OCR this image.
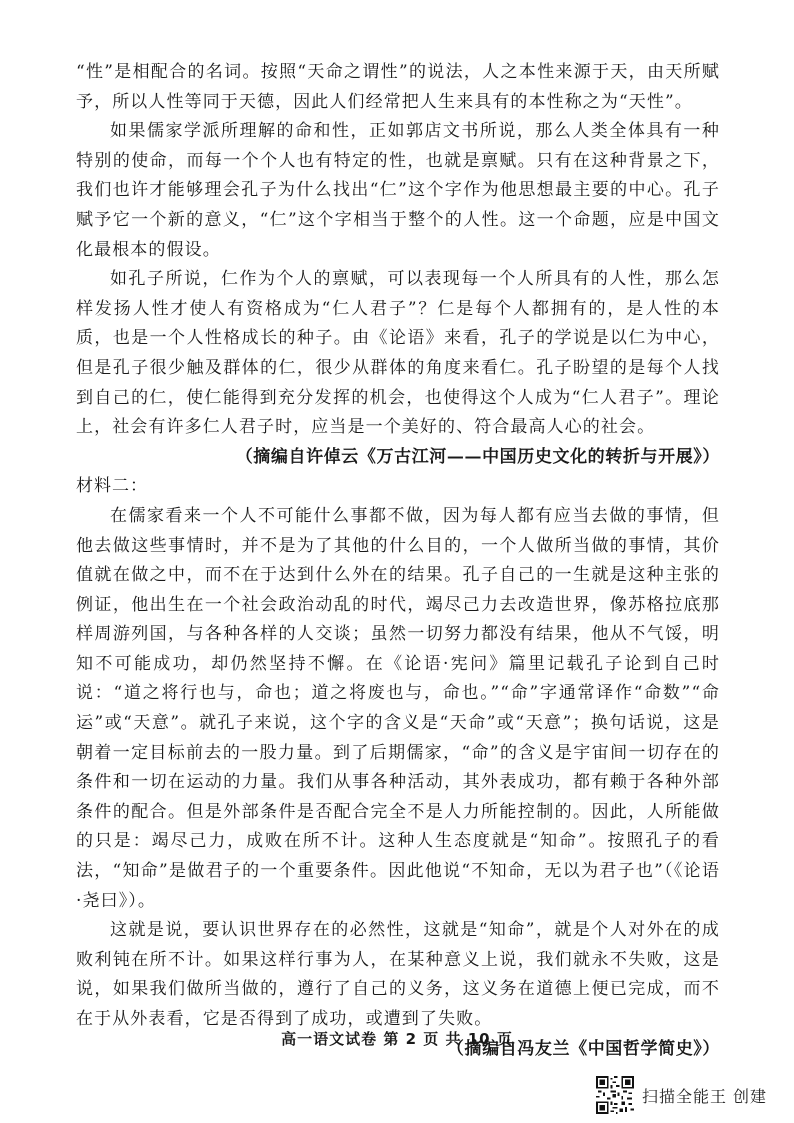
“性”是相配合的名词。按照“天命之谓性”的说法，人之本性来源于天，由天所赋予，所以人性等同于天德，因此人们经常把人生来具有的本性称之为“天性”。

如果儒家学派所理解的命和性，正如郭店文书所说，那么人类全体具有一种特别的使命，而每一个个人也有特定的性，也就是禀赋。只有在这种背景之下，我们也许才能够理会孔子为什么找出“仁”这个字作为他思想最主要的中心。孔子赋予它一个新的意义，“仁”这个字相当于整个的人性。这一个命题，应是中国文化最根本的假设。

如孔子所说，仁作为个人的禀赋，可以表现每一个人所具有的人性，那么怎样发扬人性才使人有资格成为“仁人君子”？仁是每个人都拥有的，是人性的本质，也是一个人性格成长的种子。由《论语》来看，孔子的学说是以仁为中心，但是孔子很少触及群体的仁，很少从群体的角度来看仁。孔子盼望的是每个人找到自己的仁，使仁能得到充分发挥的机会，也使得这个人成为“仁人君子”。理论上，社会有许多仁人君子时，应当是一个美好的、符合最高人心的社会。

（摘编自许倬云《万古江河——中国历史文化的转折与开展》）

材料二：

在儒家看来一个人不可能什么事都不做，因为每人都有应当去做的事情，但他去做这些事情时，并不是为了其他的什么目的，一个人做所当做的事情，其价值就在做之中，而不在于达到什么外在的结果。孔子自己的一生就是这种主张的例证，他出生在一个社会政治动乱的时代，竭尽己力去改造世界，像苏格拉底那样周游列国，与各种各样的人交谈；虽然一切努力都没有结果，他从不气馁，明知不可能成功，却仍然坚持不懈。在《论语·宪问》篇里记载孔子论到自己时说：“道之将行也与，命也；道之将废也与，命也。”“命”字通常译作“命数”“命运”或“天意”。就孔子来说，这个字的含义是“天命”或“天意”；换句话说，这是朝着一定目标前去的一股力量。到了后期儒家，“命”的含义是宇宙间一切存在的条件和一切在运动的力量。我们从事各种活动，其外表成功，都有赖于各种外部条件的配合。但是外部条件是否配合完全不是人力所能控制的。因此，人所能做的只是：竭尽己力，成败在所不计。这种人生态度就是“知命”。按照孔子的看法，“知命”是做君子的一个重要条件。因此他说“不知命，无以为君子也”（《论语·尧曰》）。

这就是说，要认识世界存在的必然性，这就是“知命”，就是个人对外在的成败利钝在所不计。如果这样行事为人，在某种意义上说，我们就永不失败，这是说，如果我们做所当做的，遵行了自己的义务，这义务在道德上便已完成，而不在于从外表看，它是否得到了成功，或遭到了失败。

（摘编自冯友兰《中国哲学简史》）

高一语文试卷 第 2 页 共 10 页
扫描全能王 创建
